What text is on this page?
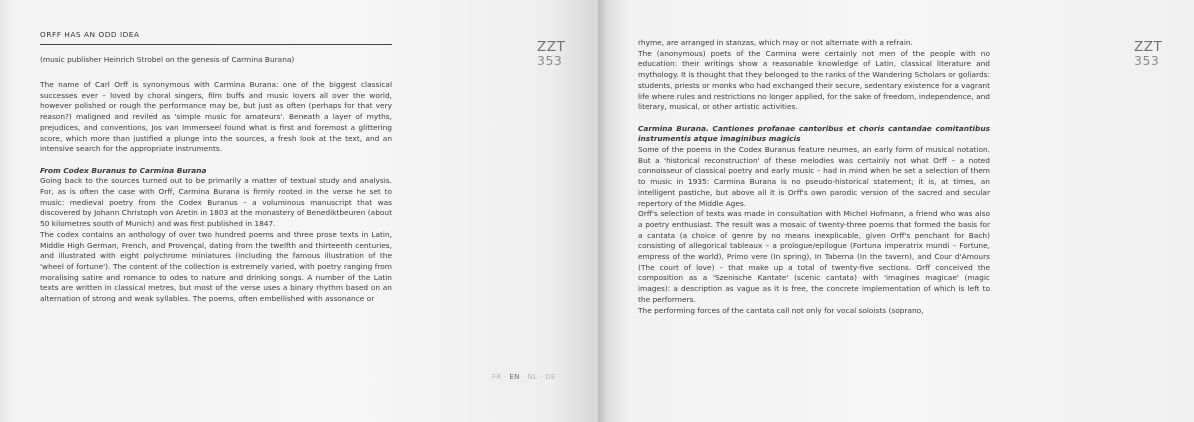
ORFF HAS AN ODD IDEA
(music publisher Heinrich Strobel on the genesis of Carmina Burana)

The name of Carl Orff is synonymous with Carmina Burana: one of the biggest classical successes ever – loved by choral singers, film buffs and music lovers all over the world, however polished or rough the performance may be, but just as often (perhaps for that very reason?) maligned and reviled as 'simple music for amateurs'. Beneath a layer of myths, prejudices, and conventions, Jos van Immerseel found what is first and foremost a glittering score, which more than justified a plunge into the sources, a fresh look at the text, and an intensive search for the appropriate instruments.

From Codex Buranus to Carmina Burana

Going back to the sources turned out to be primarily a matter of textual study and analysis. For, as is often the case with Orff, Carmina Burana is firmly rooted in the verse he set to music: medieval poetry from the Codex Buranus – a voluminous manuscript that was discovered by Johann Christoph von Aretin in 1803 at the monastery of Benediktbeuren (about 50 kilometres south of Munich) and was first published in 1847.

The codex contains an anthology of over two hundred poems and three prose texts in Latin, Middle High German, French, and Provençal, dating from the twelfth and thirteenth centuries, and illustrated with eight polychrome miniatures (including the famous illustration of the 'wheel of fortune'). The content of the collection is extremely varied, with poetry ranging from moralising satire and romance to odes to nature and drinking songs. A number of the Latin texts are written in classical metres, but most of the verse uses a binary rhythm based on an alternation of strong and weak syllables. The poems, often embellished with assonance or

ZZT
353
FR - EN - NL - DE

rhyme, are arranged in stanzas, which may or not alternate with a refrain.

The (anonymous) poets of the Carmina were certainly not men of the people with no education: their writings show a reasonable knowledge of Latin, classical literature and mythology. It is thought that they belonged to the ranks of the Wandering Scholars or goliards: students, priests or monks who had exchanged their secure, sedentary existence for a vagrant life where rules and restrictions no longer applied, for the sake of freedom, independence, and literary, musical, or other artistic activities.

Carmina Burana. Cantiones profanae cantoribus et choris cantandae comitantibus instrumentis atque imaginibus magicis

Some of the poems in the Codex Buranus feature neumes, an early form of musical notation. But a 'historical reconstruction' of these melodies was certainly not what Orff – a noted connoisseur of classical poetry and early music – had in mind when he set a selection of them to music in 1935: Carmina Burana is no pseudo-historical statement; it is, at times, an intelligent pastiche, but above all it is Orff's own parodic version of the sacred and secular repertory of the Middle Ages.

Orff's selection of texts was made in consultation with Michel Hofmann, a friend who was also a poetry enthusiast. The result was a mosaic of twenty-three poems that formed the basis for a cantata (a choice of genre by no means inexplicable, given Orff's penchant for Bach) consisting of allegorical tableaux – a prologue/epilogue (Fortuna imperatrix mundi – Fortune, empress of the world), Primo vere (In spring), In Taberna (In the tavern), and Cour d'Amours (The court of love) – that make up a total of twenty-five sections. Orff conceived the composition as a 'Szenische Kantate' (scenic cantata) with 'imagines magicae' (magic images): a description as vague as it is free, the concrete implementation of which is left to the performers.

The performing forces of the cantata call not only for vocal soloists (soprano,

ZZT
353
